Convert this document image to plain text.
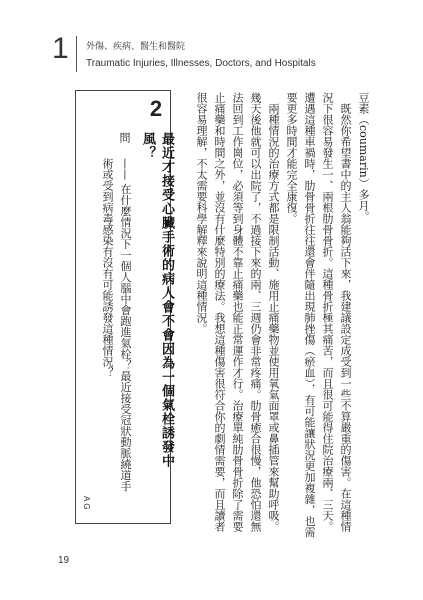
1 外傷、疾病、醫生和醫院
Traumatic Injuries, Illnesses, Doctors, and Hospitals

豆素（coumarin）多月。

既然你希望書中的主人翁能夠活下來，我建議設定成受到一些不算嚴重的傷害。在這種情況下很容易發生一、兩根肋骨骨折。這種骨折極其痛苦，而且很可能得住院治療兩、三天。遭遇這種車禍時，肋骨骨折往往還會伴隨出現肺挫傷（瘀血），有可能讓狀況更加複雜，也需要更多時間才能完全康復。

兩種情況的治療方式都是限制活動、施用止痛藥物並使用氧氣面罩或鼻插管來幫助呼吸。幾天後他就可以出院了，不過接下來的兩、三週仍會非常疼痛。肋骨癒合很慢，他恐怕還無法回到工作崗位，必須等到身體不靠止痛藥也能正常運作才行。治療單純肋骨骨折除了需要止痛藥和時間之外，並沒有什麼特別的療法。我想這種傷害很符合你的劇情需要，而且讀者很容易理解，不太需要科學解釋來說明這種情況。

2
最近才接受心臟手術的病人會不會因為一個氣栓誘發中風？
問
—— 在什麼情況下一個人腦中會跑進氣栓？最近接受冠狀動脈繞道手術或受到病毒感染有沒有可能誘發這種情況？
AG
19
